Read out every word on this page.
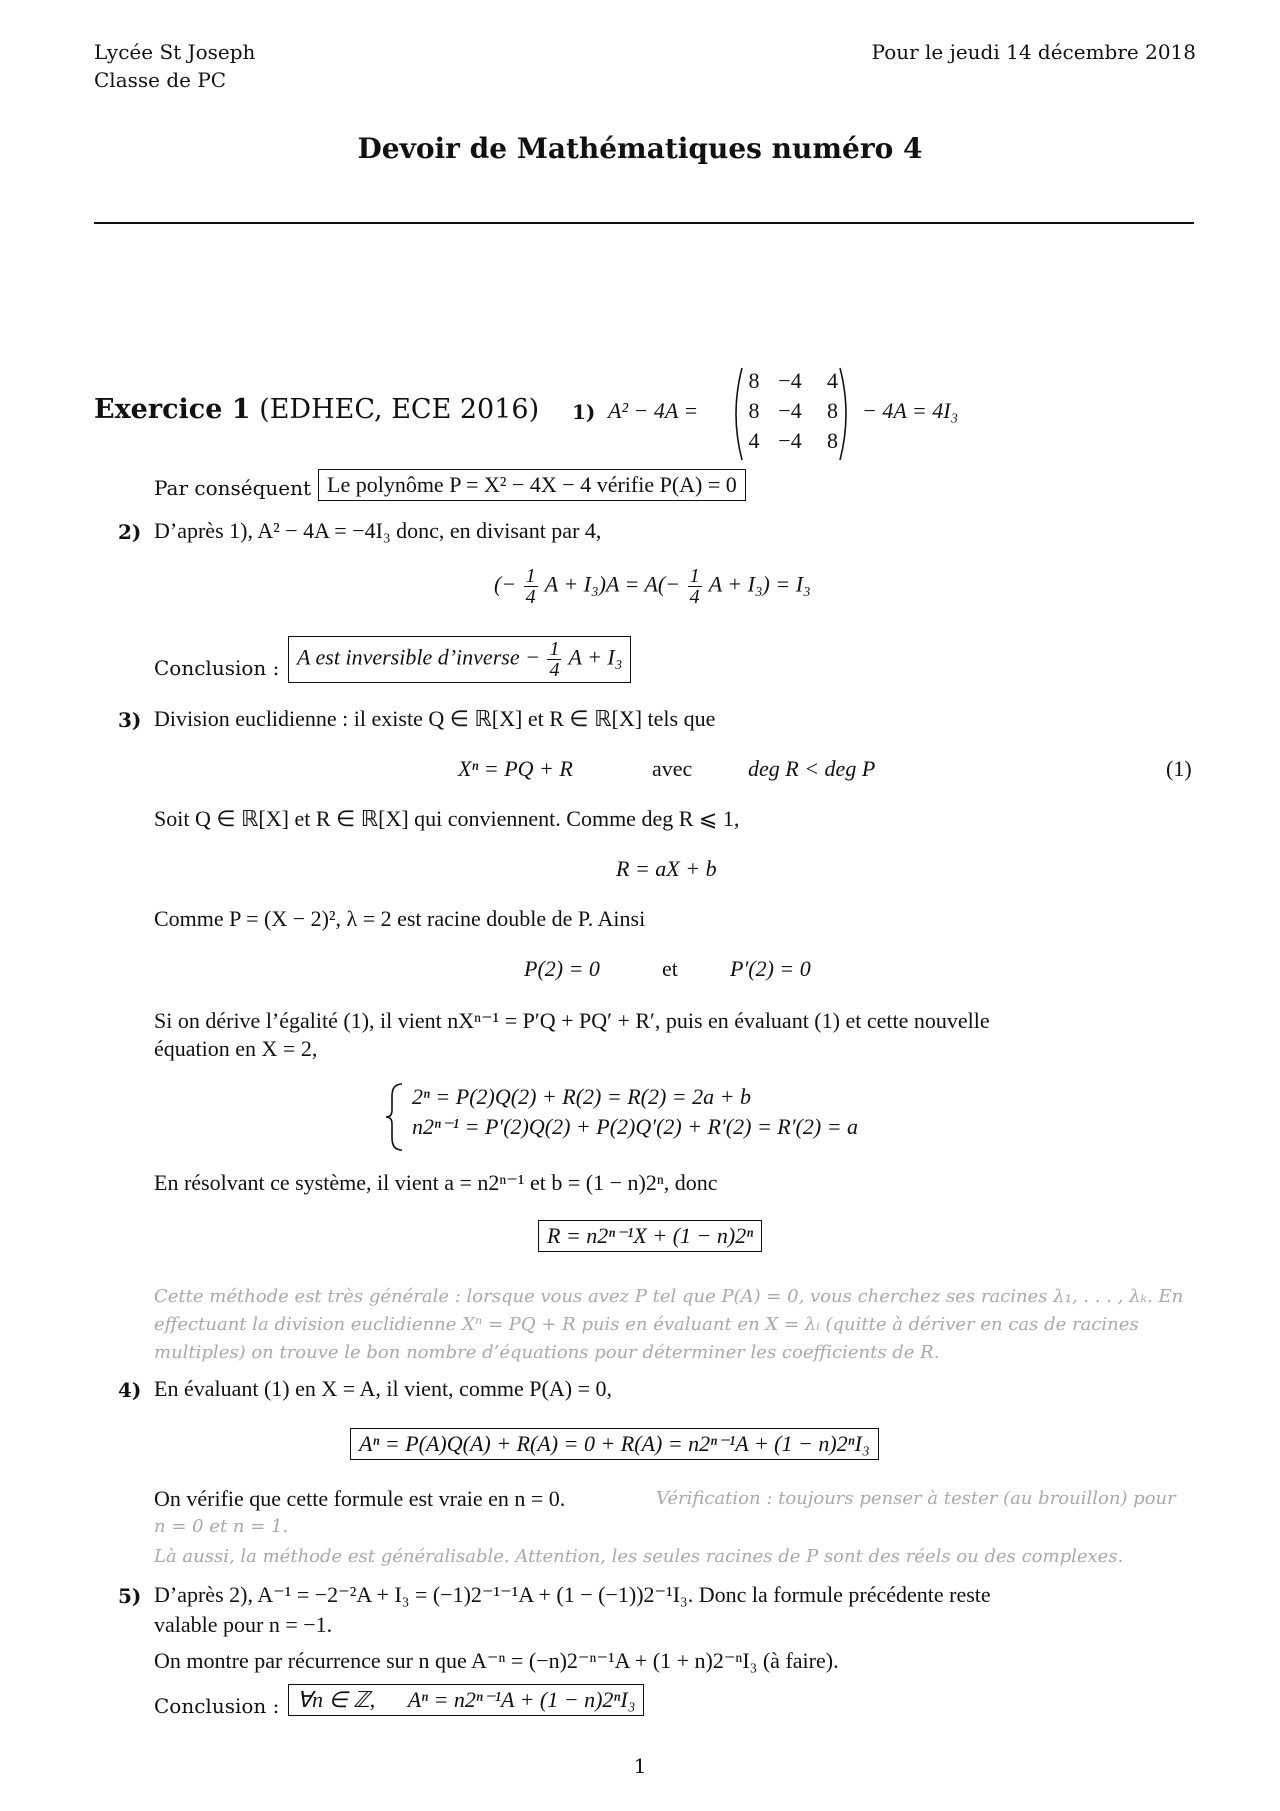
Lycée St Joseph
Classe de PC
Pour le jeudi 14 décembre 2018
Devoir de Mathématiques numéro 4
Exercice 1 (EDHEC, ECE 2016) 1) A² − 4A =
8 −4	4
8 −4	8
4 −4	8
− 4A = 4I₃
Par conséquent Le polynôme P = X² − 4X − 4 vérifie P(A) = 0
2) D’après 1), A² − 4A = −4I₃ donc, en divisant par 4,
(− $\frac{1}{4}$ $A + I_3)A = A(- \frac{1}{4}$ A + I₃) = I₃
Conclusion : A est inversible d’inverse − $\frac{1}{4}$ A + I₃
3) Division euclidienne : il existe Q ∈ ℝ[X] et R ∈ ℝ[X] tels que
Xⁿ = PQ + R	avec	deg R < deg P	(1)
Soit Q ∈ ℝ[X] et R ∈ ℝ[X] qui conviennent. Comme deg R ⩽ 1,
R = aX + b
Comme P = (X − 2)², λ = 2 est racine double de P. Ainsi
P(2) = 0	et P′(2) = 0
Si on dérive l’égalité (1), il vient nXⁿ⁻¹ = P′Q + PQ′ + R′, puis en évaluant (1) et cette nouvelle
équation en X = 2,
2ⁿ = P(2)Q(2) + R(2) = R(2) = 2a + b
n2ⁿ⁻¹ = P′(2)Q(2) + P(2)Q′(2) + R′(2) = R′(2) = a
En résolvant ce système, il vient a = n2ⁿ⁻¹ et b = (1 − n)2ⁿ, donc
R = n2ⁿ⁻¹X + (1 − n)2ⁿ
Cette méthode est très générale : lorsque vous avez P tel que P(A) = 0, vous cherchez ses racines λ₁, . . . , λₖ. En
effectuant la division euclidienne Xⁿ = PQ + R puis en évaluant en X = λᵢ (quitte à dériver en cas de racines
multiples) on trouve le bon nombre d’équations pour déterminer les coefficients de R.
4) En évaluant (1) en X = A, il vient, comme P(A) = 0,
Aⁿ = P(A)Q(A) + R(A) = 0 + R(A) = n2ⁿ⁻¹A + (1 − n)2ⁿI₃
On vérifie que cette formule est vraie en n = 0.	Vérification : toujours penser à tester (au brouillon) pour
n = 0 et n = 1.
Là aussi, la méthode est généralisable. Attention, les seules racines de P sont des réels ou des complexes.
5) D’après 2), A⁻¹ = −2⁻²A + I₃ = (−1)2⁻¹⁻¹A + (1 − (−1))2⁻¹I₃. Donc la formule précédente reste
valable pour n = −1.
On montre par récurrence sur n que A⁻ⁿ = (−n)2⁻ⁿ⁻¹A + (1 + n)2⁻ⁿI₃ (à faire).
Conclusion : ∀n ∈ ℤ,      Aⁿ = n2ⁿ⁻¹A + (1 − n)2ⁿI₃
1
